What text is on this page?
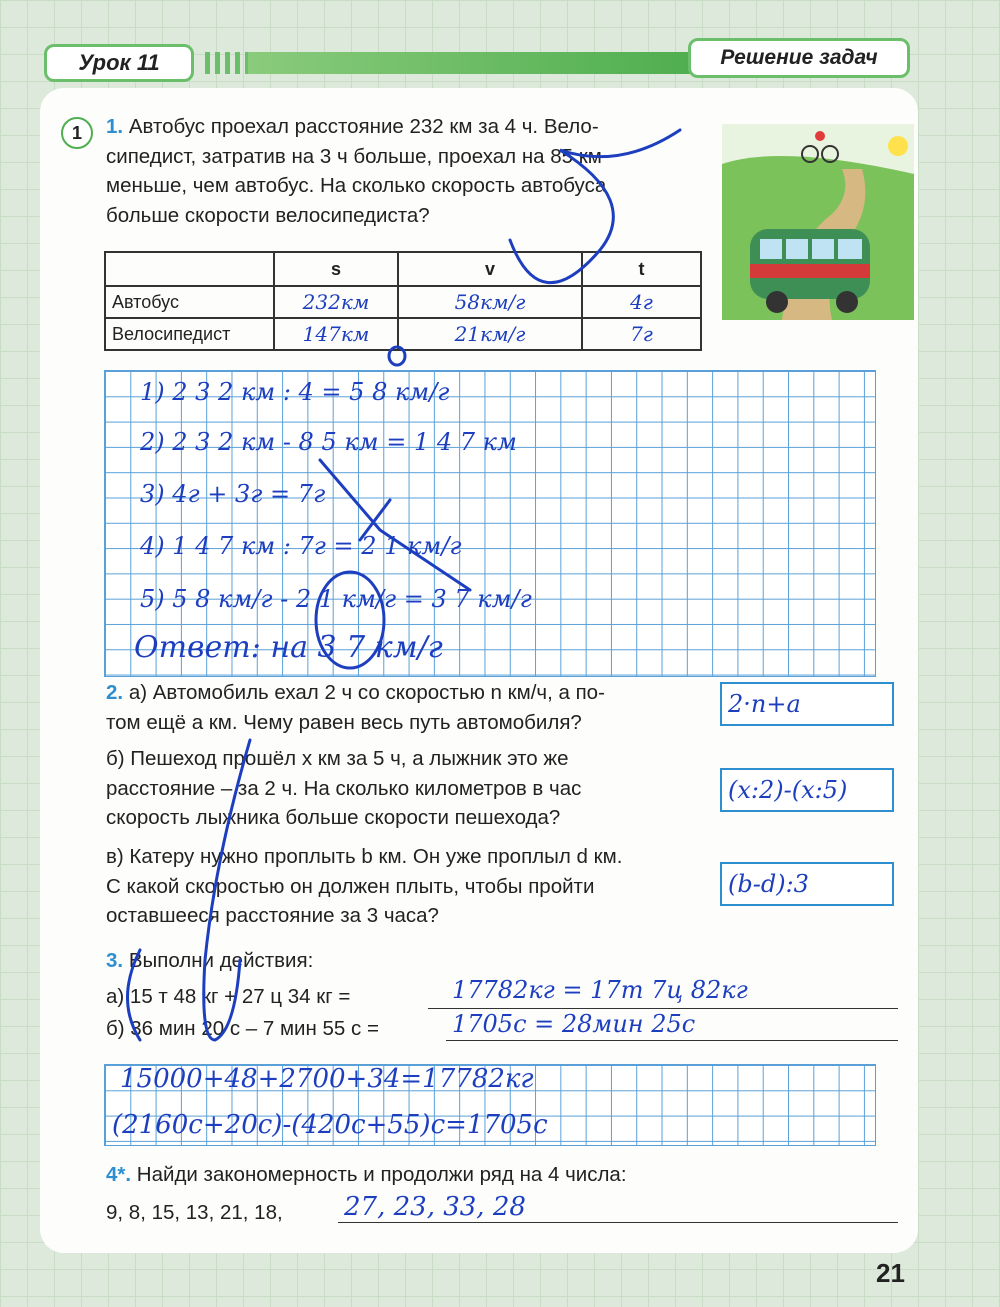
Урок 11	Решение задач
1	1. Автобус проехал расстояние 232 км за 4 ч. Вело-
сипедист, затратив на 3 ч больше, проехал на 85 км
меньше, чем автобус. На сколько скорость автобуса
больше скорости велосипедиста?
	s	v	t
Автобус	232км	58км/г	4г
Велосипедист	147км	21км/г	7г
1) 2 3 2 км : 4 = 5 8 км/г
2) 2 3 2 км - 8 5 км = 1 4 7 км
3) 4г + 3г = 7г
4) 1 4 7 км : 7г = 2 1 км/г
5) 5 8 км/г - 2 1 км/г = 3 7 км/г
Ответ: на 3 7 км/г
2. а) Автомобиль ехал 2 ч со скоростью n км/ч, а по-
том ещё a км. Чему равен весь путь автомобиля?
2·n+a
б) Пешеход прошёл x км за 5 ч, а лыжник это же
расстояние – за 2 ч. На сколько километров в час
скорость лыжника больше скорости пешехода?
(x:2)-(x:5)
в) Катеру нужно проплыть b км. Он уже проплыл d км.
С какой скоростью он должен плыть, чтобы пройти
оставшееся расстояние за 3 часа?
(b-d):3
3. Выполни действия:
а) 15 т 48 кг + 27 ц 34 кг =	17782кг = 17т 7ц 82кг
б) 36 мин 20 с – 7 мин 55 с =	1705с = 28мин 25с
15000+48+2700+34=17782кг
(2160с+20с)-(420с+55)с=1705с
4*. Найди закономерность и продолжи ряд на 4 числа:
9, 8, 15, 13, 21, 18, 27, 23, 33, 28
21
